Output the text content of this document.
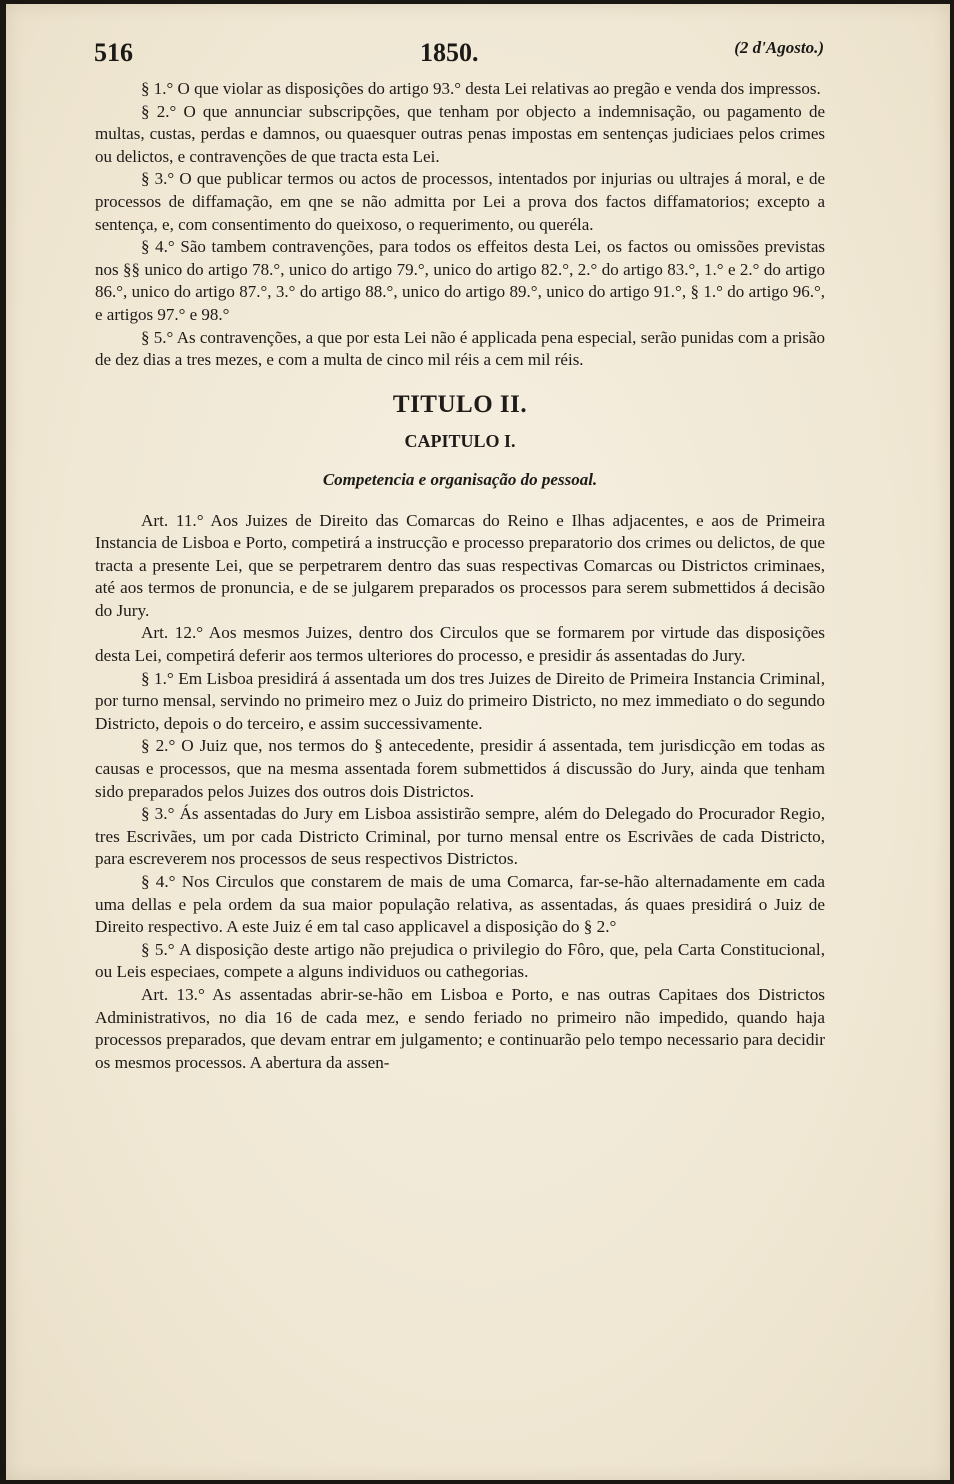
516	1850.	(2 d'Agosto.)

§ 1.° O que violar as disposições do artigo 93.° desta Lei relativas ao pregão e venda dos impressos.

§ 2.° O que annunciar subscripções, que tenham por objecto a indemnisação, ou pagamento de multas, custas, perdas e damnos, ou quaesquer outras penas impostas em sentenças judiciaes pelos crimes ou delictos, e contravenções de que tracta esta Lei.

§ 3.° O que publicar termos ou actos de processos, intentados por injurias ou ultrajes á moral, e de processos de diffamação, em qne se não admitta por Lei a prova dos factos diffamatorios; excepto a sentença, e, com consentimento do queixoso, o requerimento, ou queréla.

§ 4.° São tambem contravenções, para todos os effeitos desta Lei, os factos ou omissões previstas nos §§ unico do artigo 78.°, unico do artigo 79.°, unico do artigo 82.°, 2.° do artigo 83.°, 1.° e 2.° do artigo 86.°, unico do artigo 87.°, 3.° do artigo 88.°, unico do artigo 89.°, unico do artigo 91.°, § 1.° do artigo 96.°, e artigos 97.° e 98.°

§ 5.° As contravenções, a que por esta Lei não é applicada pena especial, serão punidas com a prisão de dez dias a tres mezes, e com a multa de cinco mil réis a cem mil réis.

TITULO II.
CAPITULO I.
Competencia e organisação do pessoal.

Art. 11.° Aos Juizes de Direito das Comarcas do Reino e Ilhas adjacentes, e aos de Primeira Instancia de Lisboa e Porto, competirá a instrucção e processo preparatorio dos crimes ou delictos, de que tracta a presente Lei, que se perpetrarem dentro das suas respectivas Comarcas ou Districtos criminaes, até aos termos de pronuncia, e de se julgarem preparados os processos para serem submettidos á decisão do Jury.

Art. 12.° Aos mesmos Juizes, dentro dos Circulos que se formarem por virtude das disposições desta Lei, competirá deferir aos termos ulteriores do processo, e presidir ás assentadas do Jury.

§ 1.° Em Lisboa presidirá á assentada um dos tres Juizes de Direito de Primeira Instancia Criminal, por turno mensal, servindo no primeiro mez o Juiz do primeiro Districto, no mez immediato o do segundo Districto, depois o do terceiro, e assim successivamente.

§ 2.° O Juiz que, nos termos do § antecedente, presidir á assentada, tem jurisdicção em todas as causas e processos, que na mesma assentada forem submettidos á discussão do Jury, ainda que tenham sido preparados pelos Juizes dos outros dois Districtos.

§ 3.° Ás assentadas do Jury em Lisboa assistirão sempre, além do Delegado do Procurador Regio, tres Escrivães, um por cada Districto Criminal, por turno mensal entre os Escrivães de cada Districto, para escreverem nos processos de seus respectivos Districtos.

§ 4.° Nos Circulos que constarem de mais de uma Comarca, far-se-hão alternadamente em cada uma dellas e pela ordem da sua maior população relativa, as assentadas, ás quaes presidirá o Juiz de Direito respectivo. A este Juiz é em tal caso applicavel a disposição do § 2.°

§ 5.° A disposição deste artigo não prejudica o privilegio do Fôro, que, pela Carta Constitucional, ou Leis especiaes, compete a alguns individuos ou cathegorias.

Art. 13.° As assentadas abrir-se-hão em Lisboa e Porto, e nas outras Capitaes dos Districtos Administrativos, no dia 16 de cada mez, e sendo feriado no primeiro não impedido, quando haja processos preparados, que devam entrar em julgamento; e continuarão pelo tempo necessario para decidir os mesmos processos. A abertura da assen-
